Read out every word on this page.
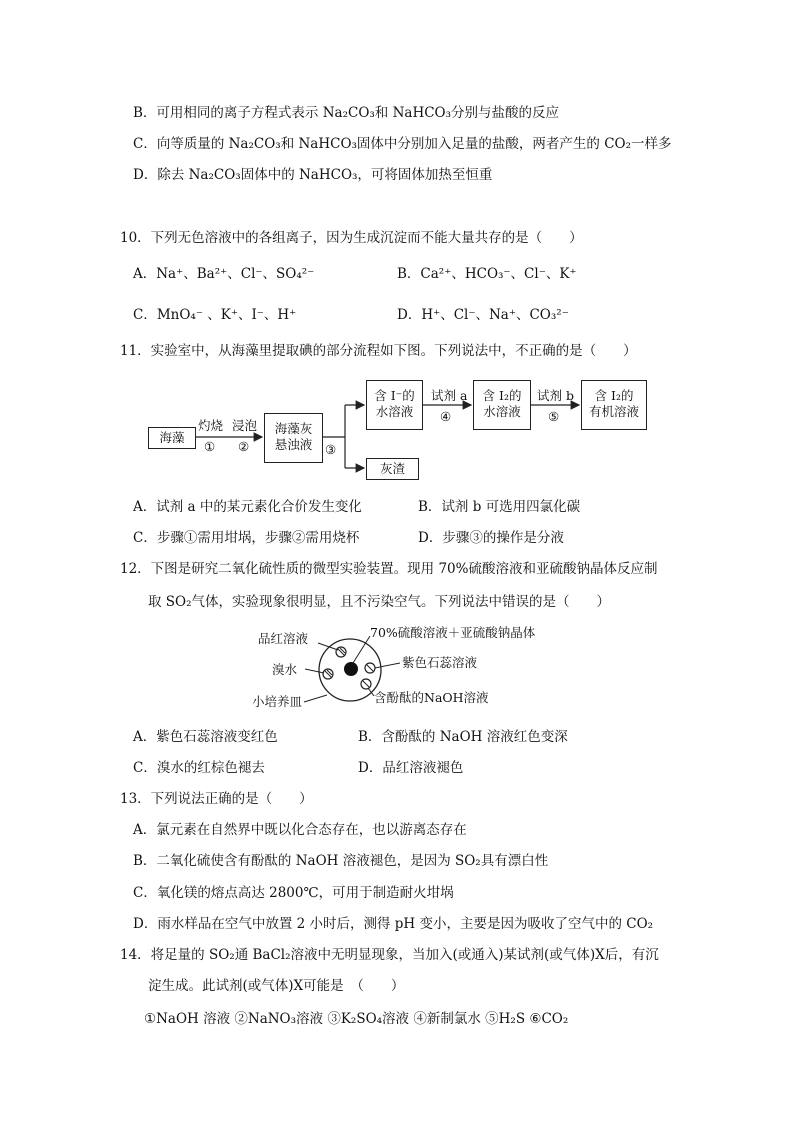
B．可用相同的离子方程式表示 Na₂CO₃和 NaHCO₃分别与盐酸的反应
C．向等质量的 Na₂CO₃和 NaHCO₃固体中分别加入足量的盐酸，两者产生的 CO₂一样多
D．除去 Na₂CO₃固体中的 NaHCO₃，可将固体加热至恒重
10．下列无色溶液中的各组离子，因为生成沉淀而不能大量共存的是（　　）
A．Na⁺、Ba²⁺、Cl⁻、SO₄²⁻	B．Ca²⁺、HCO₃⁻、Cl⁻、K⁺
C．MnO₄⁻ 、K⁺、I⁻、H⁺	D．H⁺、Cl⁻、Na⁺、CO₃²⁻
11．实验室中，从海藻里提取碘的部分流程如下图。下列说法中，不正确的是（　　）
海藻
灼烧
①
浸泡
②
海藻灰
悬浊液	③
含 I⁻的
水溶液
试剂 a
④
含 I₂的
水溶液
试剂 b
⑤
含 I₂的
有机溶液
灰渣
A．试剂 a 中的某元素化合价发生变化	B．试剂 b 可选用四氯化碳
C．步骤①需用坩埚，步骤②需用烧杯	D．步骤③的操作是分液
12．下图是研究二氧化硫性质的微型实验装置。现用 70%硫酸溶液和亚硫酸钠晶体反应制
取 SO₂气体，实验现象很明显，且不污染空气。下列说法中错误的是（　　）
品红溶液
溴水
小培养皿
70%硫酸溶液＋亚硫酸钠晶体
紫色石蕊溶液
含酚酞的NaOH溶液
A．紫色石蕊溶液变红色	B．含酚酞的 NaOH 溶液红色变深
C．溴水的红棕色褪去	D．品红溶液褪色
13．下列说法正确的是（　　）
A．氯元素在自然界中既以化合态存在，也以游离态存在
B．二氧化硫使含有酚酞的 NaOH 溶液褪色，是因为 SO₂具有漂白性
C．氧化镁的熔点高达 2800℃，可用于制造耐火坩埚
D．雨水样品在空气中放置 2 小时后，测得 pH 变小，主要是因为吸收了空气中的 CO₂
14．将足量的 SO₂通 BaCl₂溶液中无明显现象，当加入(或通入)某试剂(或气体)X后，有沉
淀生成。此试剂(或气体)X可能是　（　　）
①NaOH 溶液 ②NaNO₃溶液 ③K₂SO₄溶液 ④新制氯水 ⑤H₂S ⑥CO₂
